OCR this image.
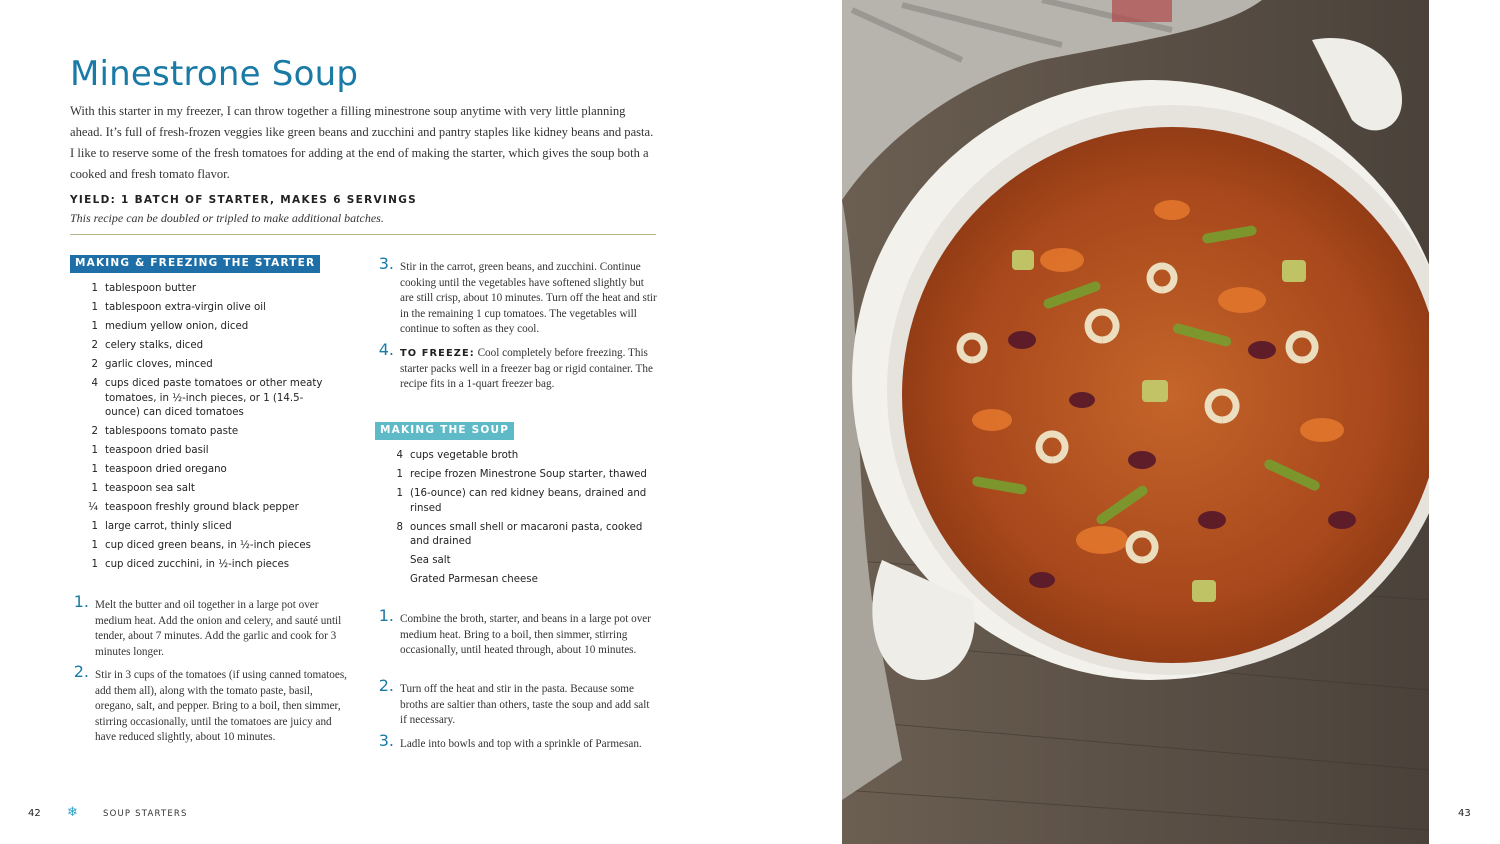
Minestrone Soup

With this starter in my freezer, I can throw together a filling minestrone soup anytime with very little planning ahead. It’s full of fresh-frozen veggies like green beans and zucchini and pantry staples like kidney beans and pasta. I like to reserve some of the fresh tomatoes for adding at the end of making the starter, which gives the soup both a cooked and fresh tomato flavor.

YIELD: 1 BATCH OF STARTER, MAKES 6 SERVINGS
This recipe can be doubled or tripled to make additional batches.
MAKING & FREEZING THE STARTER
1 tablespoon butter
1 tablespoon extra-virgin olive oil
1 medium yellow onion, diced
2 celery stalks, diced
2 garlic cloves, minced
4 cups diced paste tomatoes or other meaty tomatoes, in ½-inch pieces, or 1 (14.5-ounce) can diced tomatoes
2 tablespoons tomato paste
1 teaspoon dried basil
1 teaspoon dried oregano
1 teaspoon sea salt
¼ teaspoon freshly ground black pepper
1 large carrot, thinly sliced
1 cup diced green beans, in ½-inch pieces
1 cup diced zucchini, in ½-inch pieces
1. Melt the butter and oil together in a large pot over medium heat. Add the onion and celery, and sauté until tender, about 7 minutes. Add the garlic and cook for 3 minutes longer.
2. Stir in 3 cups of the tomatoes (if using canned tomatoes, add them all), along with the tomato paste, basil, oregano, salt, and pepper. Bring to a boil, then simmer, stirring occasionally, until the tomatoes are juicy and have reduced slightly, about 10 minutes.
3. Stir in the carrot, green beans, and zucchini. Continue cooking until the vegetables have softened slightly but are still crisp, about 10 minutes. Turn off the heat and stir in the remaining 1 cup tomatoes. The vegetables will continue to soften as they cool.
4. TO FREEZE: Cool completely before freezing. This starter packs well in a freezer bag or rigid container. The recipe fits in a 1-quart freezer bag.
MAKING THE SOUP
4 cups vegetable broth
1 recipe frozen Minestrone Soup starter, thawed
1 (16-ounce) can red kidney beans, drained and rinsed
8 ounces small shell or macaroni pasta, cooked and drained
Sea salt
Grated Parmesan cheese
1. Combine the broth, starter, and beans in a large pot over medium heat. Bring to a boil, then simmer, stirring occasionally, until heated through, about 10 minutes.
2. Turn off the heat and stir in the pasta. Because some broths are saltier than others, taste the soup and add salt if necessary.
3. Ladle into bowls and top with a sprinkle of Parmesan.
42 ❄	SOUP STARTERS	43
